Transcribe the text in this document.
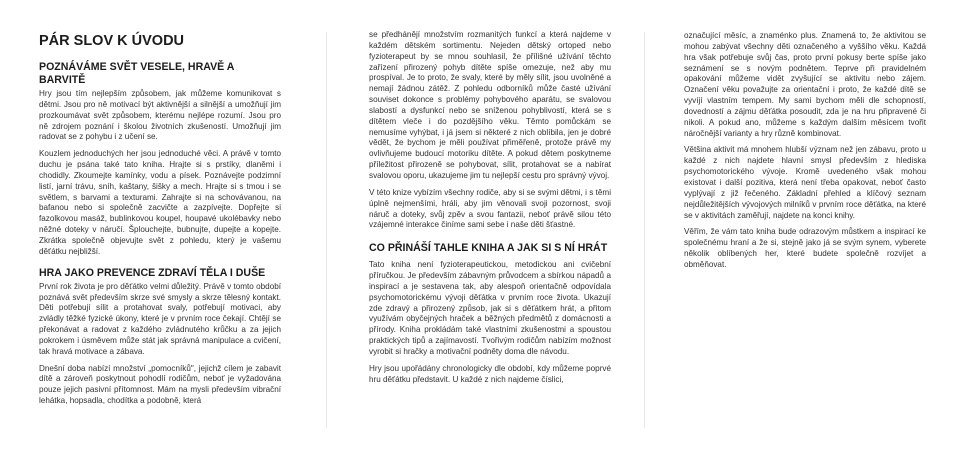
PÁR SLOV K ÚVODU
POZNÁVÁME SVĚT VESELE, HRAVĚ A BARVITĚ

Hry jsou tím nejlepším způsobem, jak můžeme komunikovat s dětmi. Jsou pro ně motivací být aktivnější a silnější a umožňují jim prozkoumávat svět způsobem, kterému nejlépe rozumí. Jsou pro ně zdrojem poznání i školou životních zkušeností. Umožňují jim radovat se z pohybu i z učení se.

Kouzlem jednoduchých her jsou jednoduché věci. A právě v tomto duchu je psána také tato kniha. Hrajte si s prstíky, dlaněmi i chodidly. Zkoumejte kamínky, vodu a písek. Poznávejte podzimní listí, jarní trávu, sníh, kaštany, šišky a mech. Hrajte si s tmou i se světlem, s barvami a texturami. Zahrajte si na schovávanou, na bafanou nebo si společně zacvičte a zazpívejte. Dopřejte si fazolkovou masáž, bublinkovou koupel, houpavé ukolébavky nebo něžné doteky v náručí. Šplouchejte, bubnujte, dupejte a kopejte. Zkrátka společně objevujte svět z pohledu, který je vašemu děťátku nejbližší.

HRA JAKO PREVENCE ZDRAVÍ TĚLA I DUŠE

První rok života je pro děťátko velmi důležitý. Právě v tomto období poznává svět především skrze své smysly a skrze tělesný kontakt. Děti potřebují sílit a protahovat svaly, potřebují motivaci, aby zvládly těžké fyzické úkony, které je v prvním roce čekají. Chtějí se překonávat a radovat z každého zvládnutého krůčku a za jejich pokrokem i úsměvem může stát jak správná manipulace a cvičení, tak hravá motivace a zábava.

Dnešní doba nabízí množství „pomocníků", jejichž cílem je zabavit dítě a zároveň poskytnout pohodlí rodičům, neboť je vyžadována pouze jejich pasivní přítomnost. Mám na mysli především vibrační lehátka, hopsadla, chodítka a podobně, která

se předhánějí množstvím rozmanitých funkcí a která najdeme v každém dětském sortimentu. Nejeden dětský ortoped nebo fyzioterapeut by se mnou souhlasil, že přílišné užívání těchto zařízení přirozený pohyb dítěte spíše omezuje, než aby mu prospíval. Je to proto, že svaly, které by měly sílit, jsou uvolněné a nemají žádnou zátěž. Z pohledu odborníků může časté užívání souviset dokonce s problémy pohybového aparátu, se svalovou slabostí a dysfunkcí nebo se sníženou pohyblivostí, která se s dítětem vleče i do pozdějšího věku. Těmto pomůckám se nemusíme vyhýbat, i já jsem si některé z nich oblíbila, jen je dobré vědět, že bychom je měli používat přiměřeně, protože právě my ovlivňujeme budoucí motoriku dítěte. A pokud dětem poskytneme příležitost přirozeně se pohybovat, sílit, protahovat se a nabírat svalovou oporu, ukazujeme jim tu nejlepší cestu pro správný vývoj.

V této knize vybízím všechny rodiče, aby si se svými dětmi, i s těmi úplně nejmenšími, hráli, aby jim věnovali svoji pozornost, svoji náruč a doteky, svůj zpěv a svou fantazii, neboť právě silou této vzájemné interakce činíme sami sebe i naše děti šťastné.

CO PŘINÁŠÍ TAHLE KNIHA A JAK SI S NÍ HRÁT

Tato kniha není fyzioterapeutickou, metodickou ani cvičební příručkou. Je především zábavným průvodcem a sbírkou nápadů a inspirací a je sestavena tak, aby alespoň orientačně odpovídala psychomotorickému vývoji děťátka v prvním roce života. Ukazují zde zdravý a přirozený způsob, jak si s děťátkem hrát, a přitom využívám obyčejných hraček a běžných předmětů z domácnosti a přírody. Kniha prokládám také vlastními zkušenostmi a spoustou praktických tipů a zajímavostí. Tvořivým rodičům nabízím možnost vyrobit si hračky a motivační podněty doma dle návodu.

Hry jsou upořádány chronologicky dle období, kdy můžeme poprvé hru děťátku představit. U každé z nich najdeme číslici,

označující měsíc, a znaménko plus. Znamená to, že aktivitou se mohou zabývat všechny děti označeného a vyššího věku. Každá hra však potřebuje svůj čas, proto první pokusy berte spíše jako seznámení se s novým podnětem. Teprve při pravidelném opakování můžeme vidět zvyšující se aktivitu nebo zájem. Označení věku považujte za orientační i proto, že každé dítě se vyvíjí vlastním tempem. My sami bychom měli dle schopností, dovedností a zájmu děťátka posoudit, zda je na hru připravené či nikoli. A pokud ano, můžeme s každým dalším měsícem tvořit náročnější varianty a hry různě kombinovat.

Většina aktivit má mnohem hlubší význam než jen zábavu, proto u každé z nich najdete hlavní smysl především z hlediska psychomotorického vývoje. Kromě uvedeného však mohou existovat i další pozitiva, která není třeba opakovat, neboť často vyplývají z již řečeného. Základní přehled a klíčový seznam nejdůležitějších vývojových milníků v prvním roce děťátka, na které se v aktivitách zaměřují, najdete na konci knihy.

Věřím, že vám tato kniha bude odrazovým můstkem a inspirací ke společnému hraní a že si, stejně jako já se svým synem, vyberete několik oblíbených her, které budete společně rozvíjet a obměňovat.
